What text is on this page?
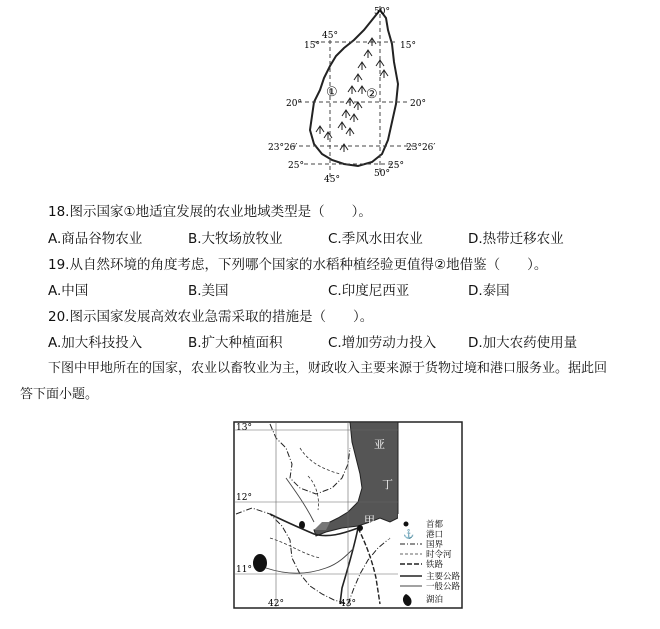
① ②
15°
20°
23°26′
25°
15°
20°
23°26′
25°
45°
50°
45°
50°
18.图示国家①地适宜发展的农业地域类型是（　　）。
A.商品谷物农业	B.大牧场放牧业	C.季风水田农业	D.热带迁移农业
19.从自然环境的角度考虑，下列哪个国家的水稻种植经验更值得②地借鉴（　　）。
A.中国	B.美国	C.印度尼西亚	D.泰国
20.图示国家发展高效农业急需采取的措施是（　　）。
A.加大科技投入	B.扩大种植面积	C.增加劳动力投入 D.加大农药使用量
下图中甲地所在的国家，农业以畜牧业为主，财政收入主要来源于货物过境和港口服务业。据此回
答下面小题。
亚
丁
甲
湾
13°
12°
11°
42°	43°
首都
⚓ 港口
国界
时令河
铁路
主要公路
一般公路
湖泊
